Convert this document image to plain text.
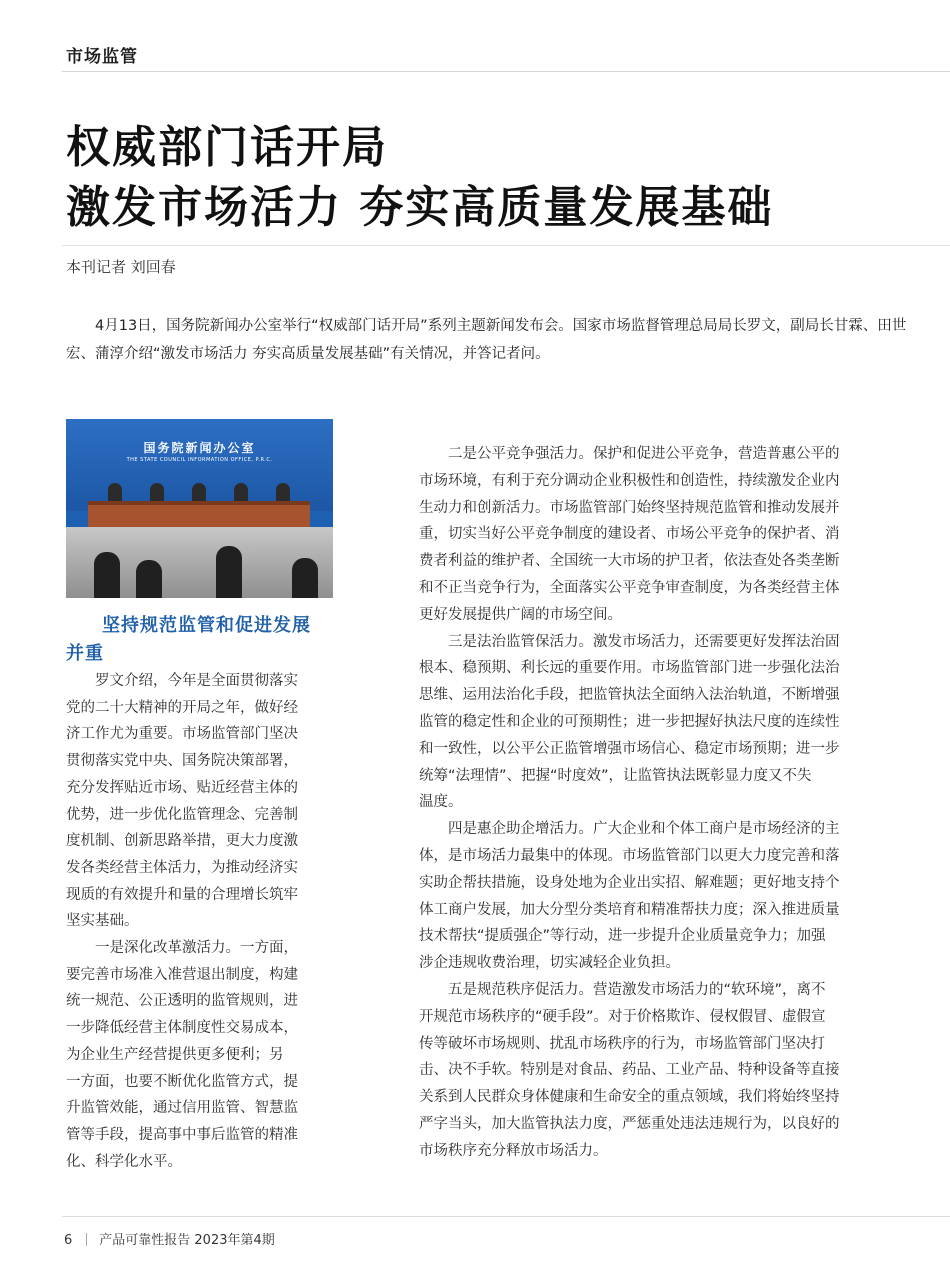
市场监管
权威部门话开局
激发市场活力 夯实高质量发展基础
本刊记者 刘回春

4月13日，国务院新闻办公室举行“权威部门话开局”系列主题新闻发布会。国家市场监督管理总局局长罗文，副局长甘霖、田世宏、蒲淳介绍“激发市场活力 夯实高质量发展基础”有关情况，并答记者问。

国务院新闻办公室
THE STATE COUNCIL INFORMATION OFFICE, P.R.C.
坚持规范监管和促进发展
并重

罗文介绍，今年是全面贯彻落实
党的二十大精神的开局之年，做好经
济工作尤为重要。市场监管部门坚决
贯彻落实党中央、国务院决策部署，
充分发挥贴近市场、贴近经营主体的
优势，进一步优化监管理念、完善制
度机制、创新思路举措，更大力度激
发各类经营主体活力，为推动经济实
现质的有效提升和量的合理增长筑牢
坚实基础。

一是深化改革激活力。一方面，
要完善市场准入准营退出制度，构建
统一规范、公正透明的监管规则，进
一步降低经营主体制度性交易成本，
为企业生产经营提供更多便利；另
一方面，也要不断优化监管方式，提
升监管效能，通过信用监管、智慧监
管等手段，提高事中事后监管的精准
化、科学化水平。

二是公平竞争强活力。保护和促进公平竞争，营造普惠公平的
市场环境，有利于充分调动企业积极性和创造性，持续激发企业内
生动力和创新活力。市场监管部门始终坚持规范监管和推动发展并
重，切实当好公平竞争制度的建设者、市场公平竞争的保护者、消
费者利益的维护者、全国统一大市场的护卫者，依法查处各类垄断
和不正当竞争行为，全面落实公平竞争审查制度，为各类经营主体
更好发展提供广阔的市场空间。

三是法治监管保活力。激发市场活力，还需要更好发挥法治固
根本、稳预期、利长远的重要作用。市场监管部门进一步强化法治
思维、运用法治化手段，把监管执法全面纳入法治轨道，不断增强
监管的稳定性和企业的可预期性；进一步把握好执法尺度的连续性
和一致性，以公平公正监管增强市场信心、稳定市场预期；进一步
统筹“法理情”、把握“时度效”，让监管执法既彰显力度又不失
温度。

四是惠企助企增活力。广大企业和个体工商户是市场经济的主
体，是市场活力最集中的体现。市场监管部门以更大力度完善和落
实助企帮扶措施，设身处地为企业出实招、解难题；更好地支持个
体工商户发展，加大分型分类培育和精准帮扶力度；深入推进质量
技术帮扶“提质强企”等行动，进一步提升企业质量竞争力；加强
涉企违规收费治理，切实减轻企业负担。

五是规范秩序促活力。营造激发市场活力的“软环境”，离不
开规范市场秩序的“硬手段”。对于价格欺诈、侵权假冒、虚假宣
传等破坏市场规则、扰乱市场秩序的行为，市场监管部门坚决打
击、决不手软。特别是对食品、药品、工业产品、特种设备等直接
关系到人民群众身体健康和生命安全的重点领域，我们将始终坚持
严字当头，加大监管执法力度，严惩重处违法违规行为，以良好的
市场秩序充分释放市场活力。

6 产品可靠性报告 2023年第4期
